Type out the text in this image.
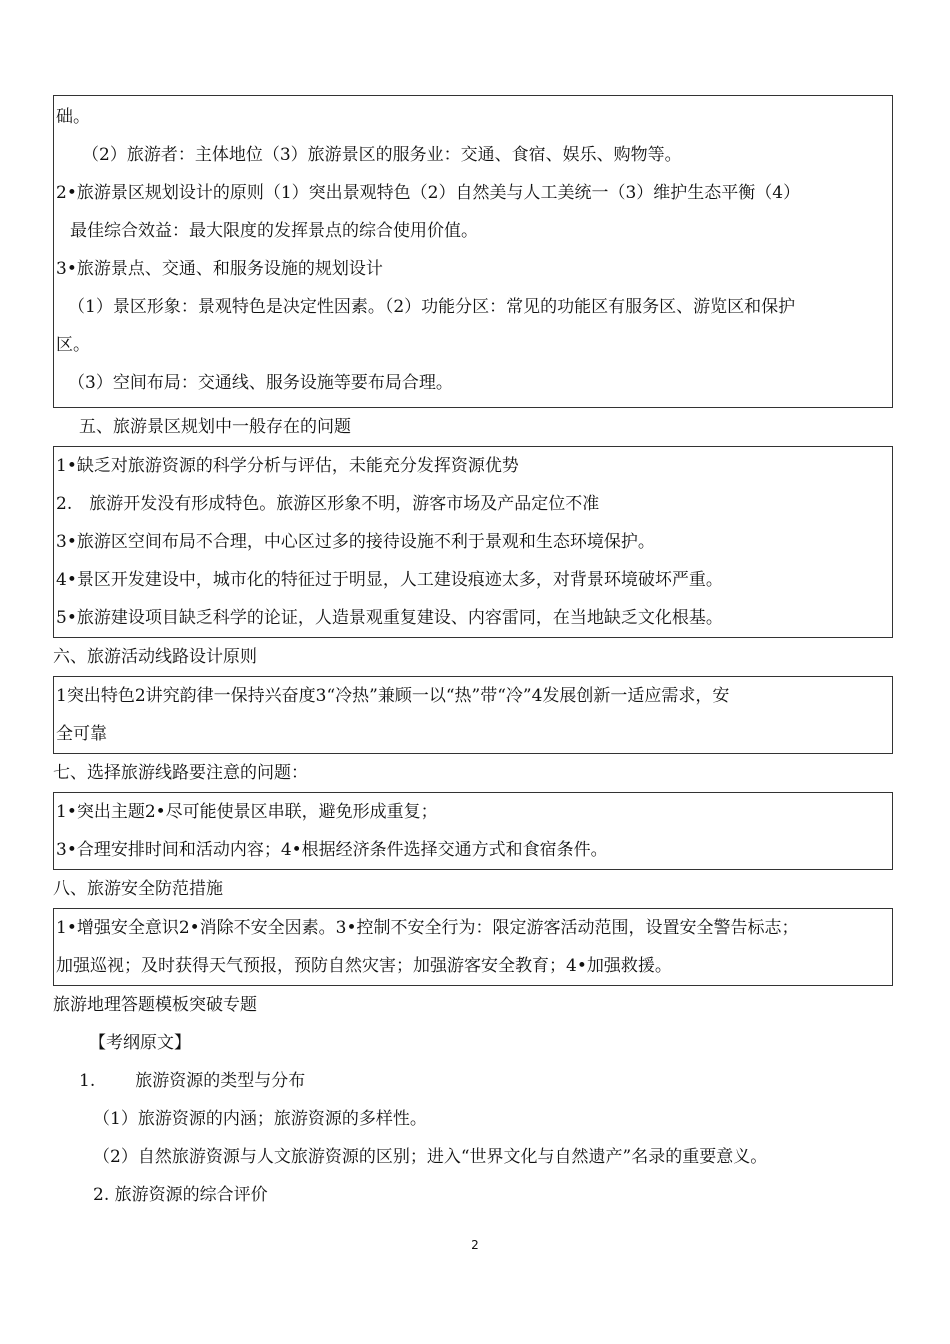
础。
（2）旅游者：主体地位（3）旅游景区的服务业：交通、食宿、娱乐、购物等。
2•旅游景区规划设计的原则（1）突出景观特色（2）自然美与人工美统一（3）维护生态平衡（4）
最佳综合效益：最大限度的发挥景点的综合使用价值。
3•旅游景点、交通、和服务设施的规划设计
（1）景区形象：景观特色是决定性因素。（2）功能分区：常见的功能区有服务区、游览区和保护
区。
（3）空间布局：交通线、服务设施等要布局合理。
五、旅游景区规划中一般存在的问题
1•缺乏对旅游资源的科学分析与评估，未能充分发挥资源优势
2.　旅游开发没有形成特色。旅游区形象不明，游客市场及产品定位不准
3•旅游区空间布局不合理，中心区过多的接待设施不利于景观和生态环境保护。
4•景区开发建设中，城市化的特征过于明显，人工建设痕迹太多，对背景环境破坏严重。
5•旅游建设项目缺乏科学的论证，人造景观重复建设、内容雷同，在当地缺乏文化根基。
六、旅游活动线路设计原则
1突出特色2讲究韵律一保持兴奋度3“冷热”兼顾一以“热”带“冷”4发展创新一适应需求，安
全可靠
七、选择旅游线路要注意的问题：
1•突出主题2•尽可能使景区串联，避免形成重复；
3•合理安排时间和活动内容；4•根据经济条件选择交通方式和食宿条件。
八、旅游安全防范措施
1•增强安全意识2•消除不安全因素。3•控制不安全行为：限定游客活动范围，设置安全警告标志；
加强巡视；及时获得天气预报，预防自然灾害；加强游客安全教育；4•加强救援。
旅游地理答题模板突破专题
【考纲原文】
1. 旅游资源的类型与分布
（1）旅游资源的内涵；旅游资源的多样性。
（2）自然旅游资源与人文旅游资源的区别；进入“世界文化与自然遗产”名录的重要意义。
2. 旅游资源的综合评价
2
